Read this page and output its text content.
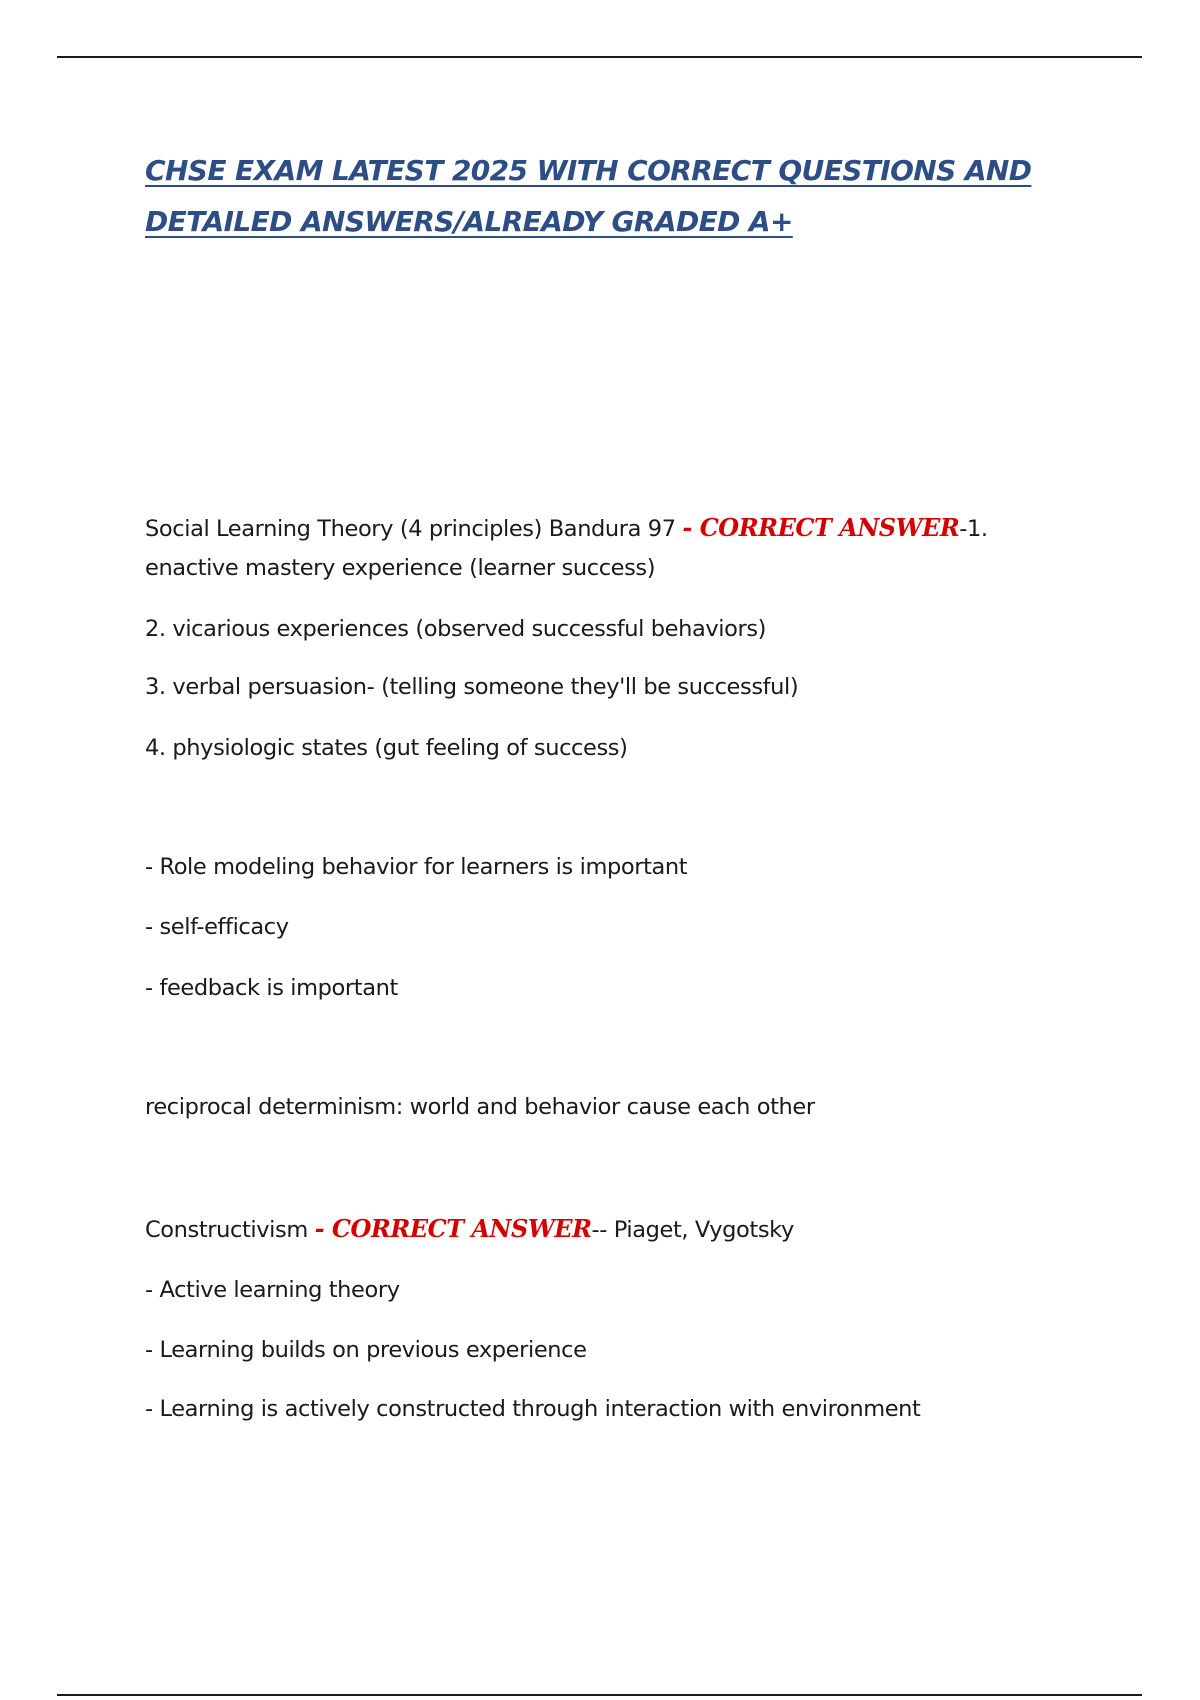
CHSE EXAM LATEST 2025 WITH CORRECT QUESTIONS AND
DETAILED ANSWERS/ALREADY GRADED A+

Social Learning Theory (4 principles) Bandura 97 - CORRECT ANSWER-1.

enactive mastery experience (learner success)

2. vicarious experiences (observed successful behaviors)

3. verbal persuasion- (telling someone they'll be successful)

4. physiologic states (gut feeling of success)

- Role modeling behavior for learners is important

- self-efficacy

- feedback is important

reciprocal determinism: world and behavior cause each other

Constructivism - CORRECT ANSWER-- Piaget, Vygotsky

- Active learning theory

- Learning builds on previous experience

- Learning is actively constructed through interaction with environment
